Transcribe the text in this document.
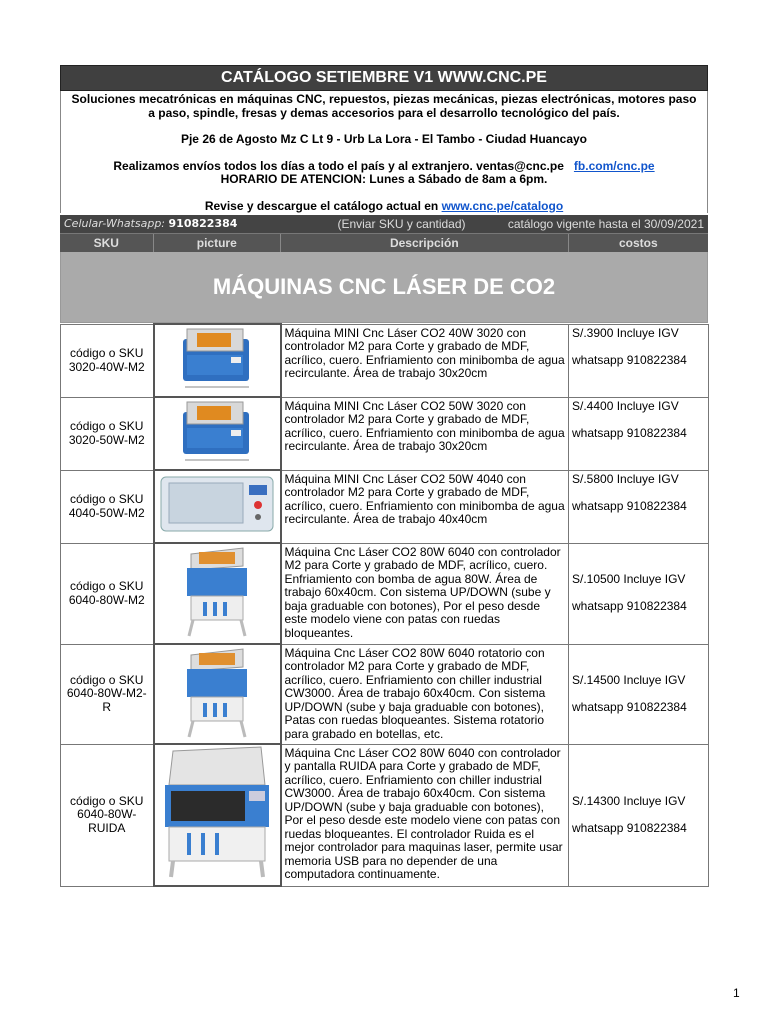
CATÁLOGO SETIEMBRE V1 WWW.CNC.PE

Soluciones mecatrónicas en máquinas CNC, repuestos, piezas mecánicas, piezas electrónicas, motores paso a paso, spindle, fresas y demas accesorios para el desarrollo tecnológico del país.

Pje 26 de Agosto Mz C Lt 9 - Urb La Lora - El Tambo - Ciudad Huancayo

Realizamos envíos todos los días a todo el país y al extranjero. ventas@cnc.pe fb.com/cnc.pe

HORARIO DE ATENCION: Lunes a Sábado de 8am a 6pm.

Revise y descargue el catálogo actual en www.cnc.pe/catalogo

Celular-Whatsapp: 910822384	(Enviar SKU y cantidad)	catálogo vigente hasta el 30/09/2021
SKU	picture	Descripción	costos
MÁQUINAS CNC LÁSER DE CO2
código o SKU 3020-40W-M2		Máquina MINI Cnc Láser CO2 40W 3020 con controlador M2 para Corte y grabado de MDF, acrílico, cuero. Enfriamiento con minibomba de agua recirculante. Área de trabajo 30x20cm	S/.3900 Incluye IGV

whatsapp 910822384

código o SKU 3020-50W-M2		Máquina MINI Cnc Láser CO2 50W 3020 con controlador M2 para Corte y grabado de MDF, acrílico, cuero. Enfriamiento con minibomba de agua recirculante. Área de trabajo 30x20cm	S/.4400 Incluye IGV

whatsapp 910822384

código o SKU 4040-50W-M2		Máquina MINI Cnc Láser CO2 50W 4040 con controlador M2 para Corte y grabado de MDF, acrílico, cuero. Enfriamiento con minibomba de agua recirculante. Área de trabajo 40x40cm	S/.5800 Incluye IGV

whatsapp 910822384

código o SKU 6040-80W-M2		Máquina Cnc Láser CO2 80W 6040 con controlador M2 para Corte y grabado de MDF, acrílico, cuero. Enfriamiento con bomba de agua 80W. Área de trabajo 60x40cm. Con sistema UP/DOWN (sube y baja graduable con botones), Por el peso desde este modelo viene con patas con ruedas bloqueantes.	S/.10500 Incluye IGV

whatsapp 910822384

código o SKU 6040-80W-M2-R		Máquina Cnc Láser CO2 80W 6040 rotatorio con controlador M2 para Corte y grabado de MDF, acrílico, cuero. Enfriamiento con chiller industrial CW3000. Área de trabajo 60x40cm. Con sistema UP/DOWN (sube y baja graduable con botones), Patas con ruedas bloqueantes. Sistema rotatorio para grabado en botellas, etc.	S/.14500 Incluye IGV

whatsapp 910822384

código o SKU 6040-80W-RUIDA		Máquina Cnc Láser CO2 80W 6040 con controlador y pantalla RUIDA para Corte y grabado de MDF, acrílico, cuero. Enfriamiento con chiller industrial CW3000. Área de trabajo 60x40cm. Con sistema UP/DOWN (sube y baja graduable con botones), Por el peso desde este modelo viene con patas con ruedas bloqueantes. El controlador Ruida es el mejor controlador para maquinas laser, permite usar memoria USB para no depender de una computadora continuamente.	S/.14300 Incluye IGV

whatsapp 910822384
1
